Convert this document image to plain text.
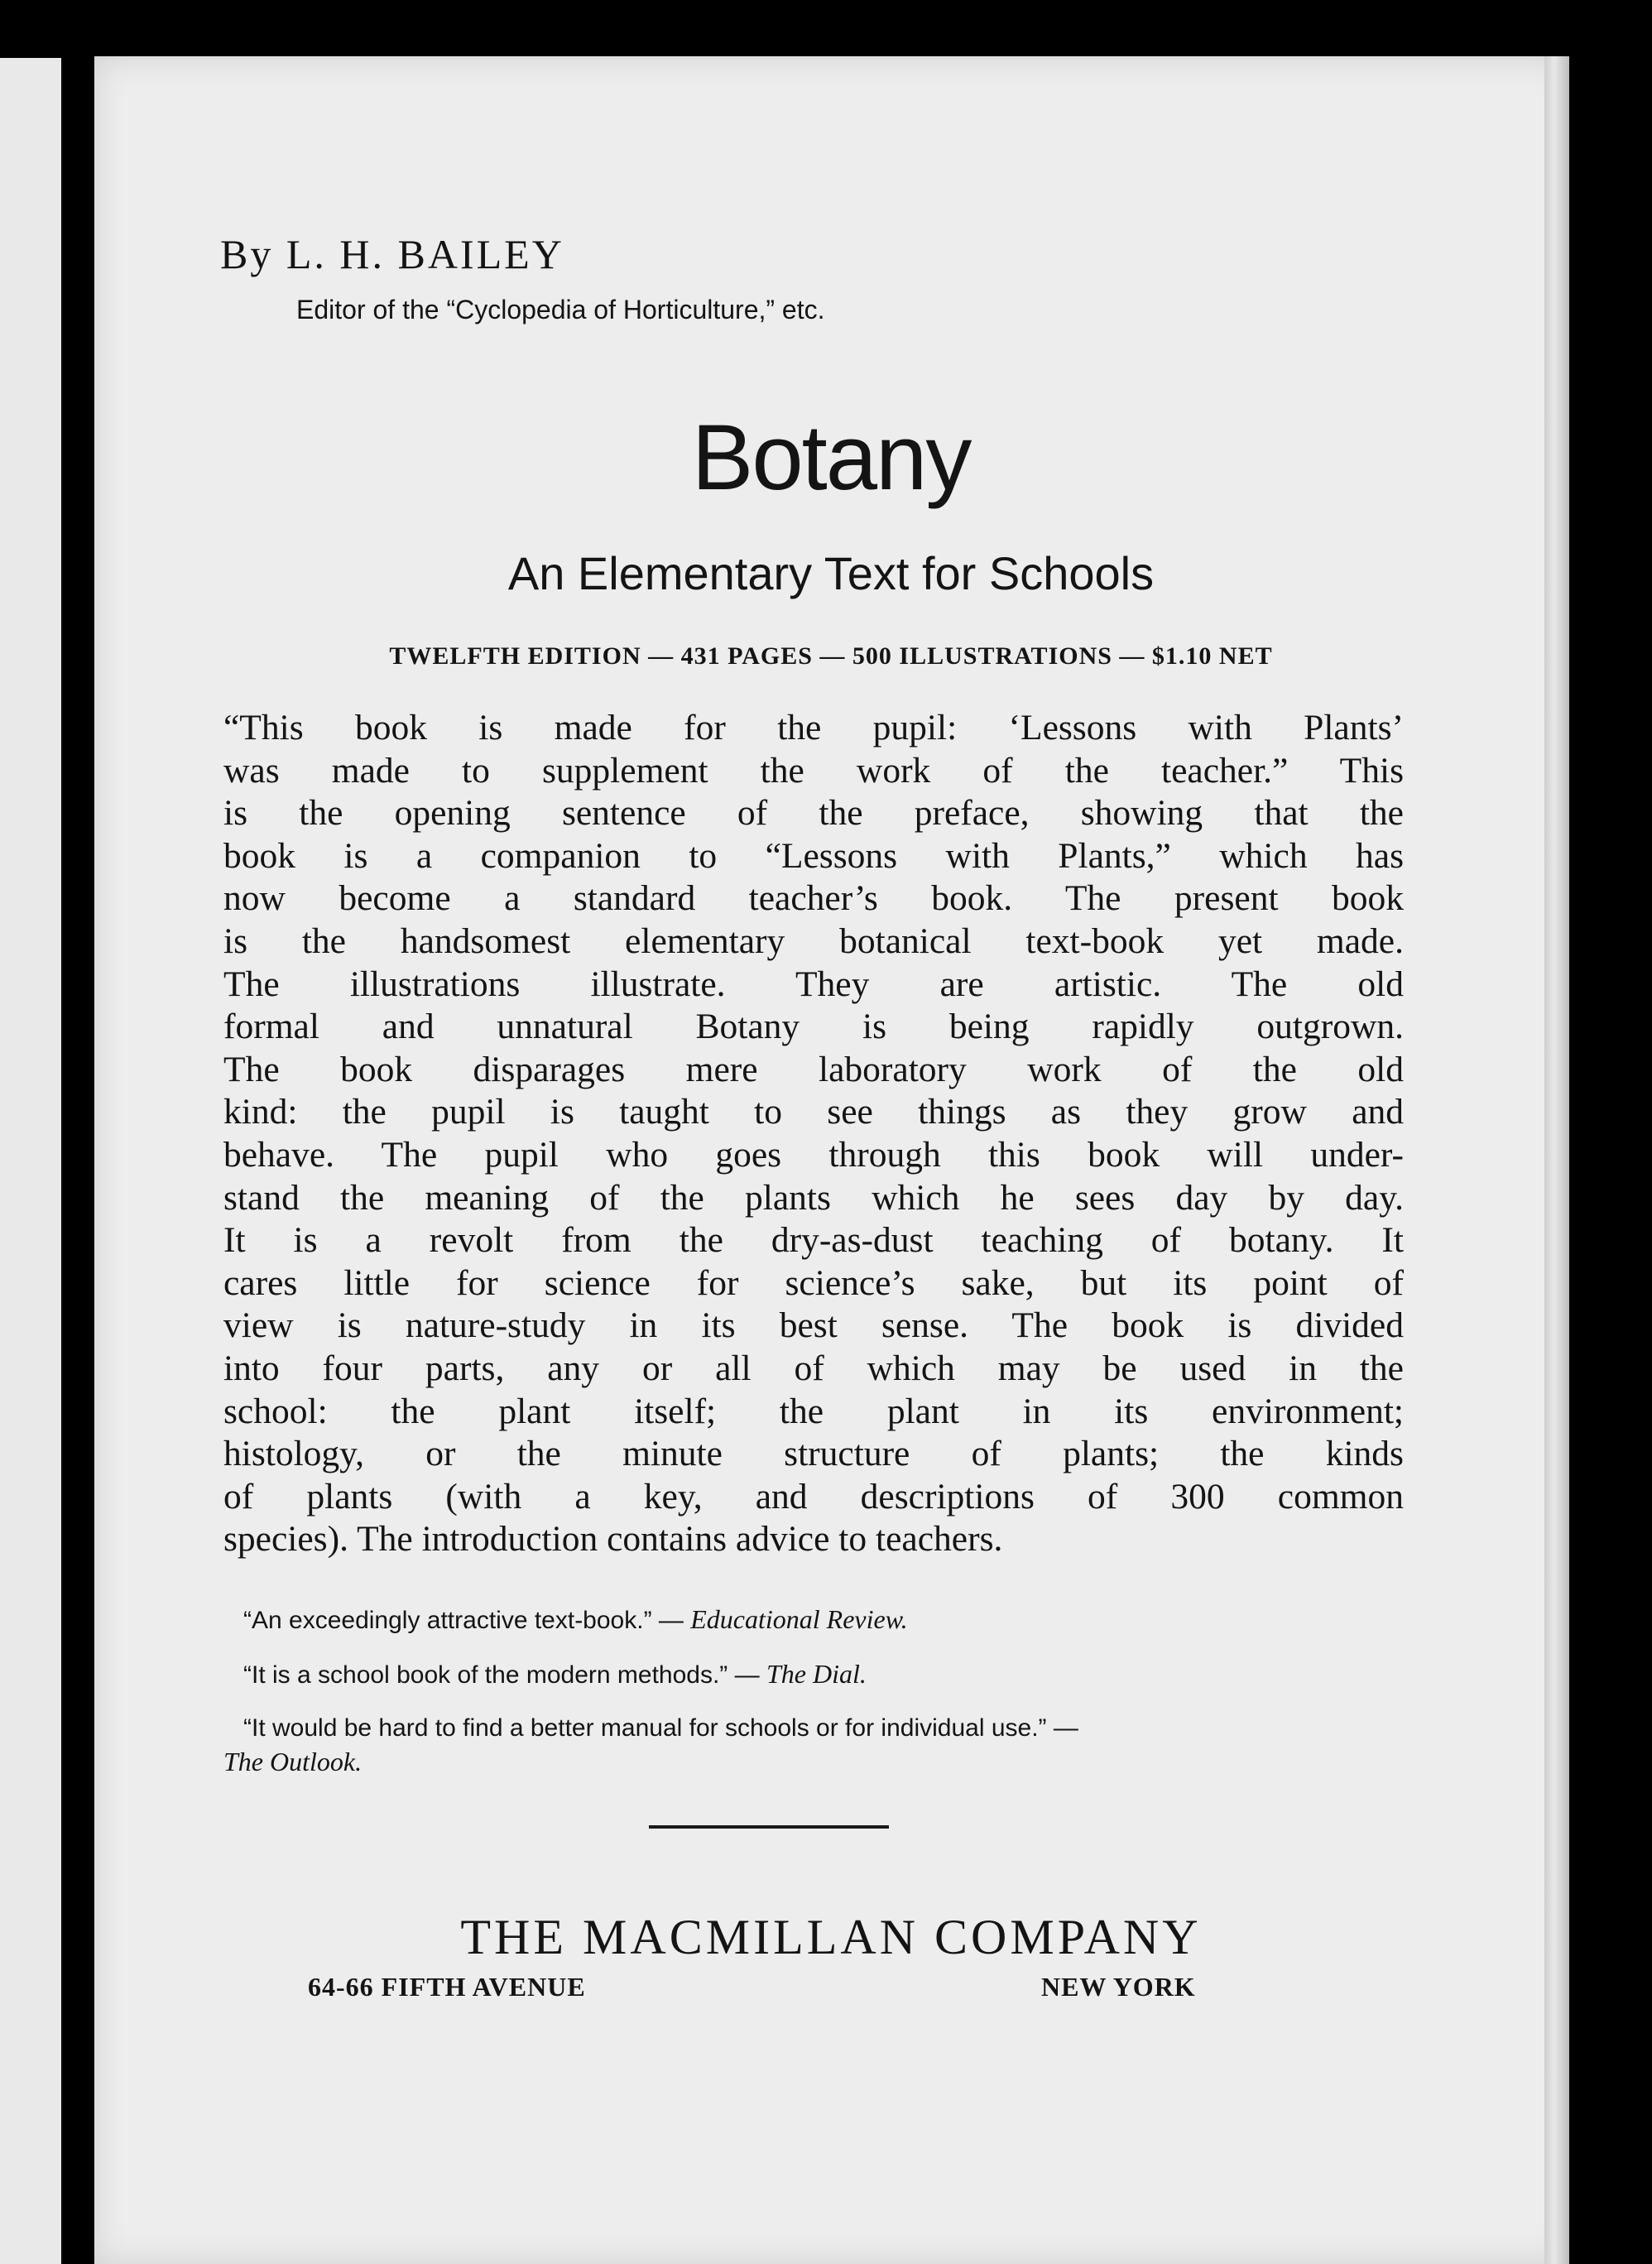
By L. H. BAILEY
Editor of the “Cyclopedia of Horticulture,” etc.
Botany
An Elementary Text for Schools
TWELFTH EDITION — 431 PAGES — 500 ILLUSTRATIONS — $1.10 NET
“This book is made for the pupil: ‘Lessons with Plants’
was made to supplement the work of the teacher.” This
is the opening sentence of the preface, showing that the
book is a companion to “Lessons with Plants,” which has
now become a standard teacher’s book. The present book
is the handsomest elementary botanical text-book yet made.
The illustrations illustrate. They are artistic. The old
formal and unnatural Botany is being rapidly outgrown.
The book disparages mere laboratory work of the old
kind: the pupil is taught to see things as they grow and
behave. The pupil who goes through this book will under-
stand the meaning of the plants which he sees day by day.
It is a revolt from the dry-as-dust teaching of botany. It
cares little for science for science’s sake, but its point of
view is nature-study in its best sense. The book is divided
into four parts, any or all of which may be used in the
school: the plant itself; the plant in its environment;
histology, or the minute structure of plants; the kinds
of plants (with a key, and descriptions of 300 common
species). The introduction contains advice to teachers.
“An exceedingly attractive text-book.” — Educational Review.
“It is a school book of the modern methods.” — The Dial.
“It would be hard to find a better manual for schools or for individual use.” —
The Outlook.
THE MACMILLAN COMPANY
64-66 FIFTH AVENUE	NEW YORK
